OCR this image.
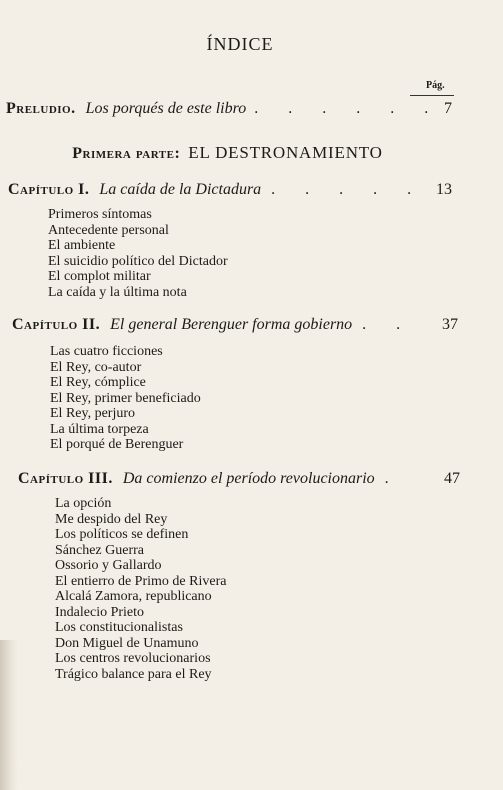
ÍNDICE
Pág.
Preludio. Los porqués de este libro . . . . . . 7
Primera parte: EL DESTRONAMIENTO
Capítulo I. La caída de la Dictadura . . . . . 13
Primeros síntomas
Antecedente personal
El ambiente
El suicidio político del Dictador
El complot militar
La caída y la última nota
Capítulo II. El general Berenguer forma gobierno . .	37
Las cuatro ficciones
El Rey, co-autor
El Rey, cómplice
El Rey, primer beneficiado
El Rey, perjuro
La última torpeza
El porqué de Berenguer
Capítulo III. Da comienzo el período revolucionario .	47
La opción
Me despido del Rey
Los políticos se definen
Sánchez Guerra
Ossorio y Gallardo
El entierro de Primo de Rivera
Alcalá Zamora, republicano
Indalecio Prieto
Los constitucionalistas
Don Miguel de Unamuno
Los centros revolucionarios
Trágico balance para el Rey
